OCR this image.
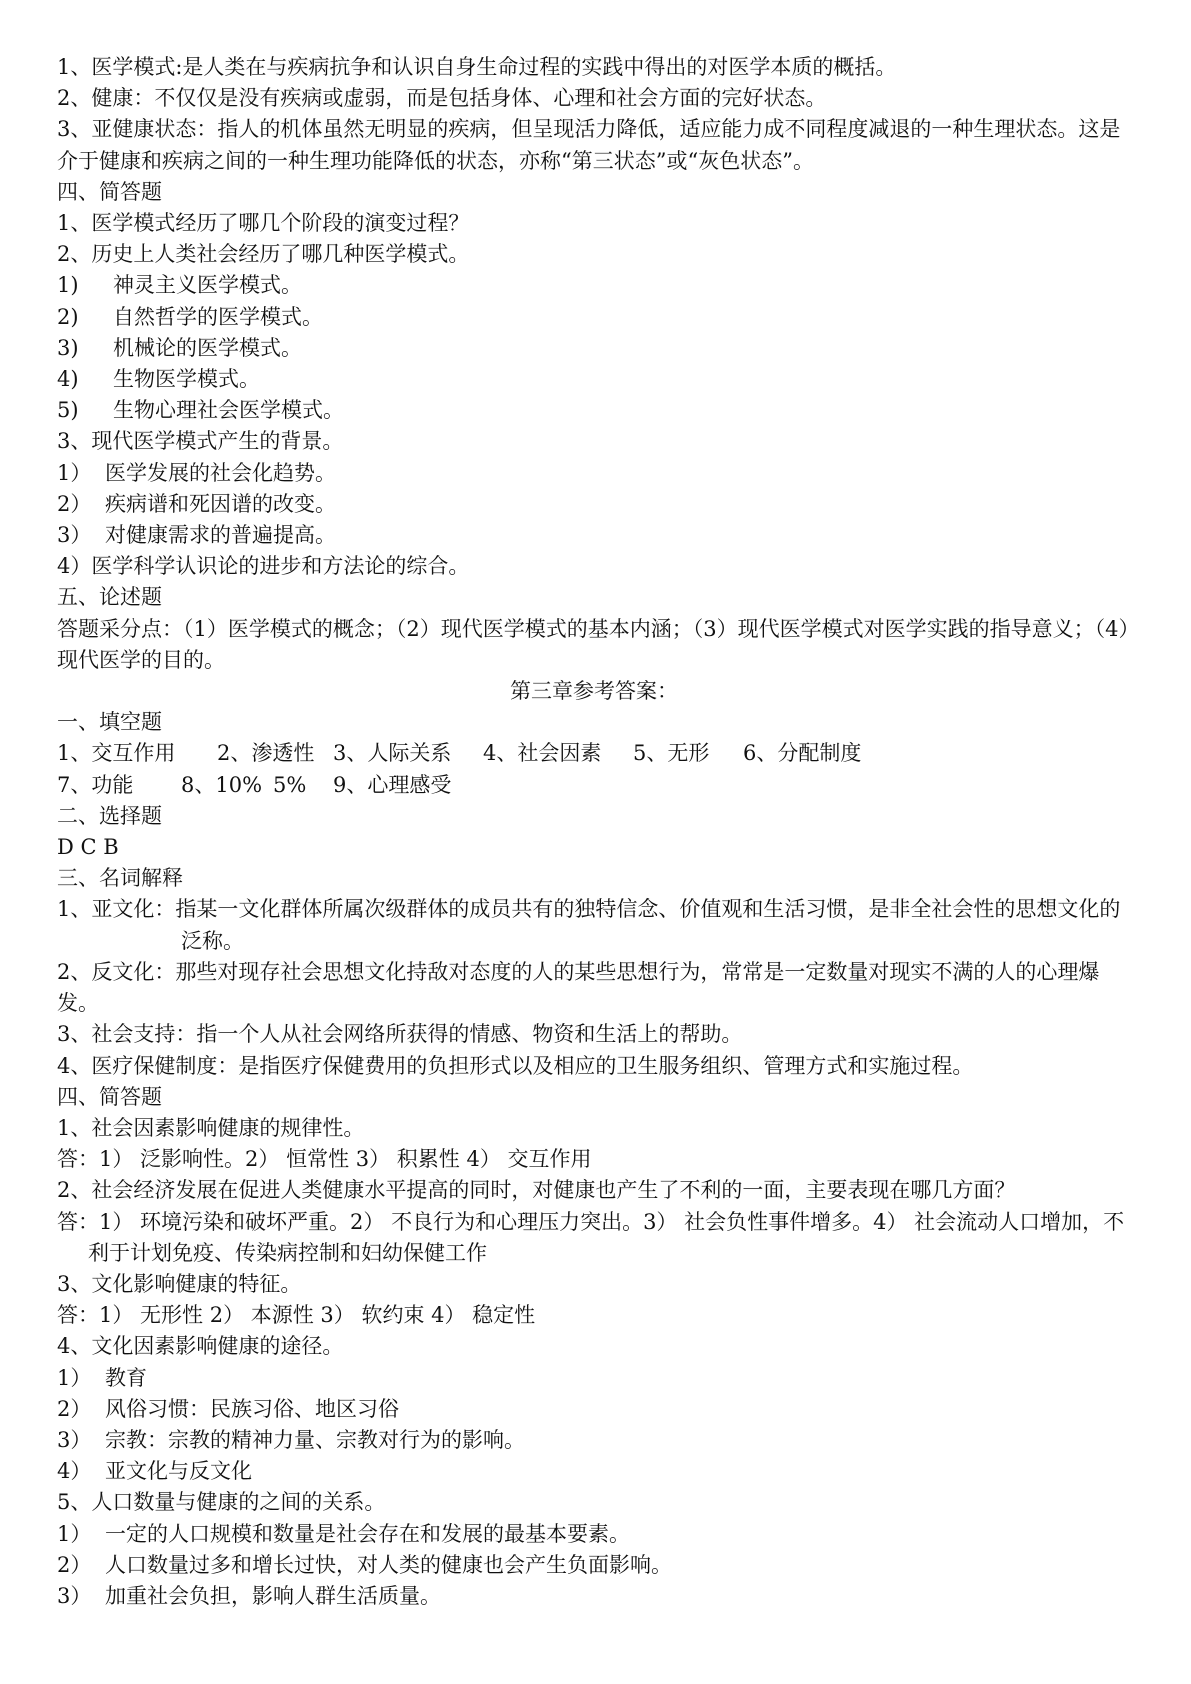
1、医学模式:是人类在与疾病抗争和认识自身生命过程的实践中得出的对医学本质的概括。
2、健康：不仅仅是没有疾病或虚弱，而是包括身体、心理和社会方面的完好状态。
3、亚健康状态：指人的机体虽然无明显的疾病，但呈现活力降低，适应能力成不同程度减退的一种生理状态。这是介于健康和疾病之间的一种生理功能降低的状态，亦称“第三状态”或“灰色状态”。
四、简答题
1、医学模式经历了哪几个阶段的演变过程？
2、历史上人类社会经历了哪几种医学模式。
1) 神灵主义医学模式。
2) 自然哲学的医学模式。
3) 机械论的医学模式。
4) 生物医学模式。
5) 生物心理社会医学模式。
3、现代医学模式产生的背景。
1） 医学发展的社会化趋势。
2） 疾病谱和死因谱的改变。
3） 对健康需求的普遍提高。
4）医学科学认识论的进步和方法论的综合。
五、论述题
答题采分点：（1）医学模式的概念；（2）现代医学模式的基本内涵；（3）现代医学模式对医学实践的指导意义；（4）现代医学的目的。
第三章参考答案：
一、填空题
1、交互作用 2、渗透性 3、人际关系 4、社会因素 5、无形 6、分配制度
7、功能 8、10% 5% 9、心理感受
二、选择题
D C B
三、名词解释
1、亚文化：指某一文化群体所属次级群体的成员共有的独特信念、价值观和生活习惯，是非全社会性的思想文化的泛称。
2、反文化：那些对现存社会思想文化持敌对态度的人的某些思想行为，常常是一定数量对现实不满的人的心理爆发。
3、社会支持：指一个人从社会网络所获得的情感、物资和生活上的帮助。
4、医疗保健制度：是指医疗保健费用的负担形式以及相应的卫生服务组织、管理方式和实施过程。
四、简答题
1、社会因素影响健康的规律性。
答：1） 泛影响性。2） 恒常性 3） 积累性 4） 交互作用
2、社会经济发展在促进人类健康水平提高的同时，对健康也产生了不利的一面，主要表现在哪几方面？
答：1） 环境污染和破坏严重。2） 不良行为和心理压力突出。3） 社会负性事件增多。4） 社会流动人口增加，不利于计划免疫、传染病控制和妇幼保健工作
3、文化影响健康的特征。
答：1） 无形性 2） 本源性 3） 软约束 4） 稳定性
4、文化因素影响健康的途径。
1） 教育
2） 风俗习惯：民族习俗、地区习俗
3） 宗教：宗教的精神力量、宗教对行为的影响。
4） 亚文化与反文化
5、人口数量与健康的之间的关系。
1） 一定的人口规模和数量是社会存在和发展的最基本要素。
2） 人口数量过多和增长过快，对人类的健康也会产生负面影响。
3） 加重社会负担，影响人群生活质量。
